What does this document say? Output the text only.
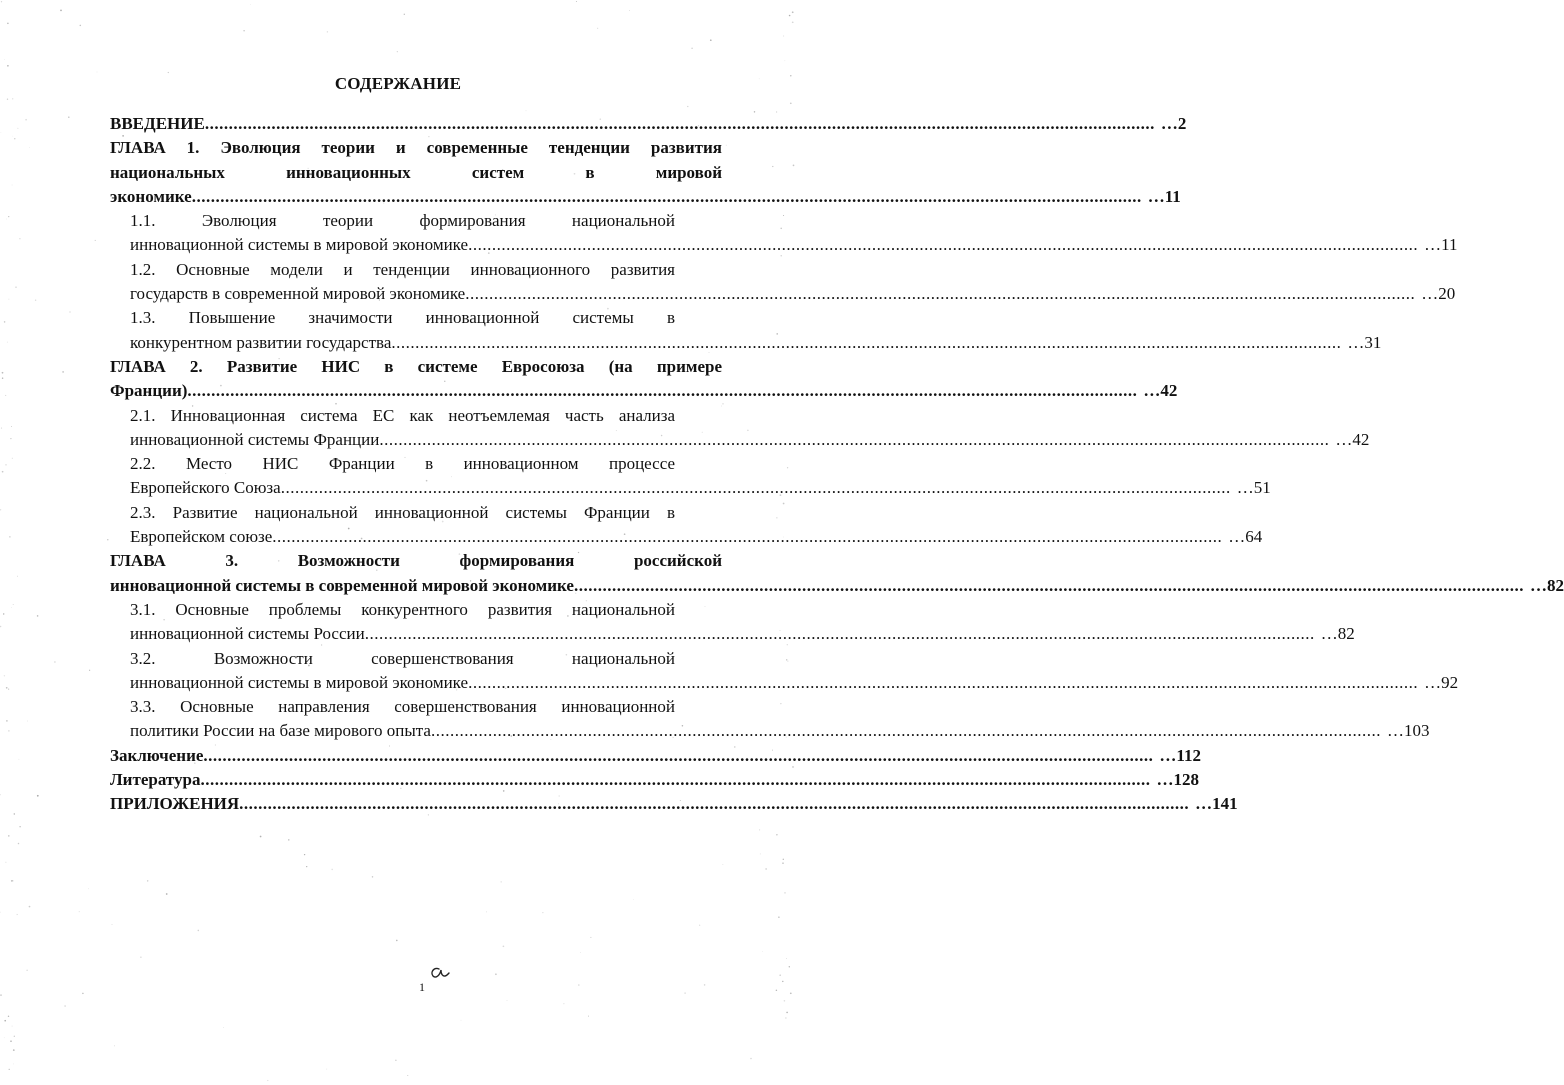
СОДЕРЖАНИЕ
ВВЕДЕНИЕ ........................................................................................................................................................................................................ …2
ГЛАВА 1. Эволюция теории и современные тенденции развития
национальных инновационных систем в мировой
экономике ........................................................................................................................................................................................................ …11
1.1. Эволюция теории формирования национальной
инновационной системы в мировой экономике ........................................................................................................................................................................................................ …11
1.2. Основные модели и тенденции инновационного развития
государств в современной мировой экономике ........................................................................................................................................................................................................ …20
1.3. Повышение значимости инновационной системы в
конкурентном развитии государства ........................................................................................................................................................................................................ …31
ГЛАВА 2. Развитие НИС в системе Евросоюза (на примере
Франции) ........................................................................................................................................................................................................ …42
2.1. Инновационная система ЕС как неотъемлемая часть анализа
инновационной системы Франции ........................................................................................................................................................................................................ …42
2.2. Место НИС Франции в инновационном процессе
Европейского Союза ........................................................................................................................................................................................................ …51
2.3. Развитие национальной инновационной системы Франции в
Европейском союзе ........................................................................................................................................................................................................ …64
ГЛАВА 3. Возможности формирования российской
инновационной системы в современной мировой экономике ........................................................................................................................................................................................................ …82
3.1. Основные проблемы конкурентного развития национальной
инновационной системы России ........................................................................................................................................................................................................ …82
3.2. Возможности совершенствования национальной
инновационной системы в мировой экономике ........................................................................................................................................................................................................ …92
3.3. Основные направления совершенствования инновационной
политики России на базе мирового опыта ........................................................................................................................................................................................................ …103
Заключение ........................................................................................................................................................................................................ …112
Литература ........................................................................................................................................................................................................ …128
ПРИЛОЖЕНИЯ ........................................................................................................................................................................................................ …141
1
